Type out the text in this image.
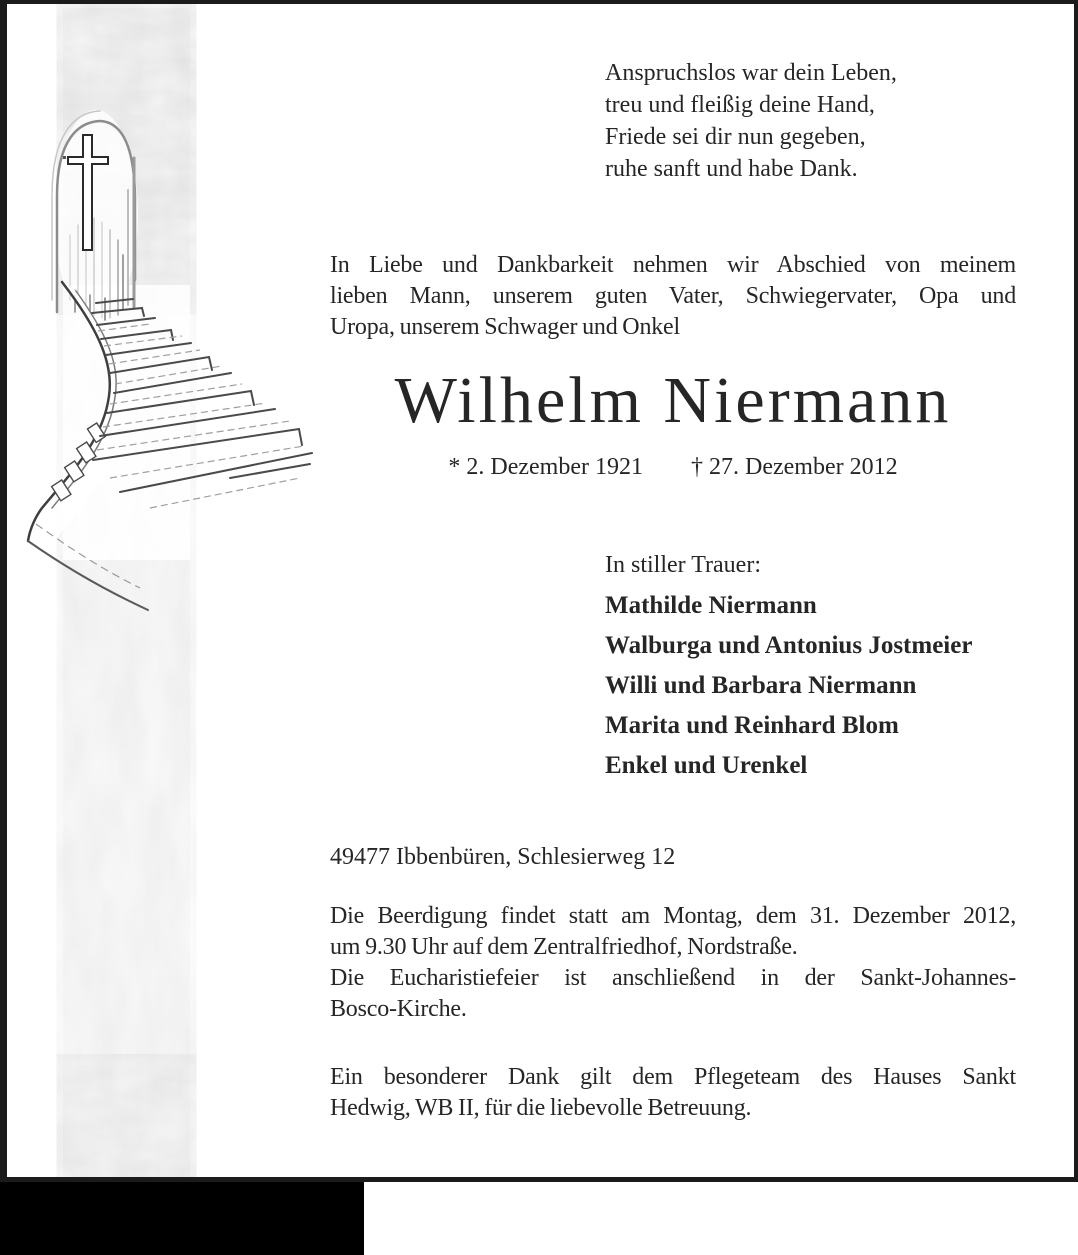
Anspruchslos war dein Leben,
treu und fleißig deine Hand,
Friede sei dir nun gegeben,
ruhe sanft und habe Dank.
In Liebe und Dankbarkeit nehmen wir Abschied von meinem
lieben Mann, unserem guten Vater, Schwiegervater, Opa und
Uropa, unserem Schwager und Onkel
Wilhelm Niermann
* 2. Dezember 1921 † 27. Dezember 2012
In stiller Trauer:
Mathilde Niermann
Walburga und Antonius Jostmeier
Willi und Barbara Niermann
Marita und Reinhard Blom
Enkel und Urenkel
49477 Ibbenbüren, Schlesierweg 12
Die Beerdigung findet statt am Montag, dem 31. Dezember 2012,
um 9.30 Uhr auf dem Zentralfriedhof, Nordstraße.
Die Eucharistiefeier ist anschließend in der Sankt-Johannes-
Bosco-Kirche.
Ein besonderer Dank gilt dem Pflegeteam des Hauses Sankt
Hedwig, WB II, für die liebevolle Betreuung.
